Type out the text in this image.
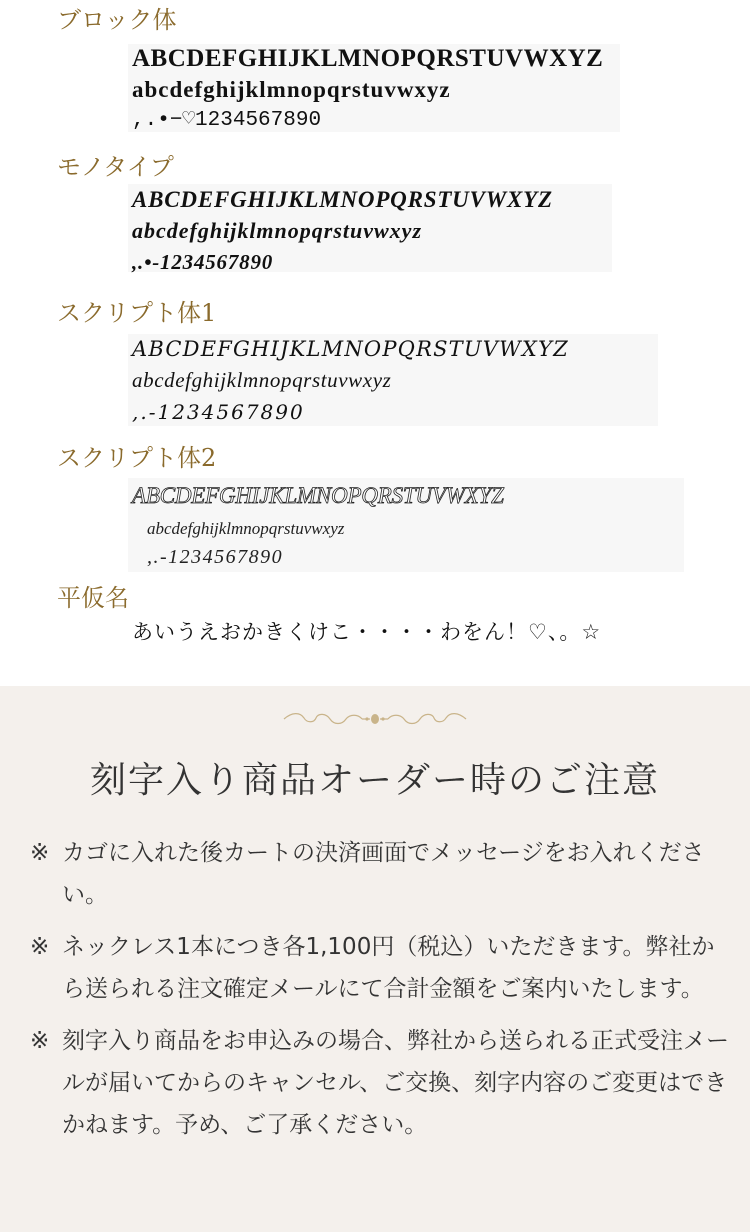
ブロック体
ABCDEFGHIJKLMNOPQRSTUVWXYZ
abcdefghijklmnopqrstuvwxyz
,.•−♡1234567890
モノタイプ
ABCDEFGHIJKLMNOPQRSTUVWXYZ
abcdefghijklmnopqrstuvwxyz
,.•-1234567890
スクリプト体1
ABCDEFGHIJKLMNOPQRSTUVWXYZ
abcdefghijklmnopqrstuvwxyz
,.-1234567890
スクリプト体2
ABCDEFGHIJKLMNOPQRSTUVWXYZ
abcdefghijklmnopqrstuvwxyz
,.-1234567890
平仮名
あいうえおかきくけこ・・・・わをん！♡、。☆
刻字入り商品オーダー時のご注意
※ カゴに入れた後カートの決済画面でメッセージをお入れください。
※ ネックレス1本につき各1,100円（税込）いただきます。弊社から送られる注文確定メールにて合計金額をご案内いたします。
※ 刻字入り商品をお申込みの場合、弊社から送られる正式受注メールが届いてからのキャンセル、ご交換、刻字内容のご変更はできかねます。予め、ご了承ください。
